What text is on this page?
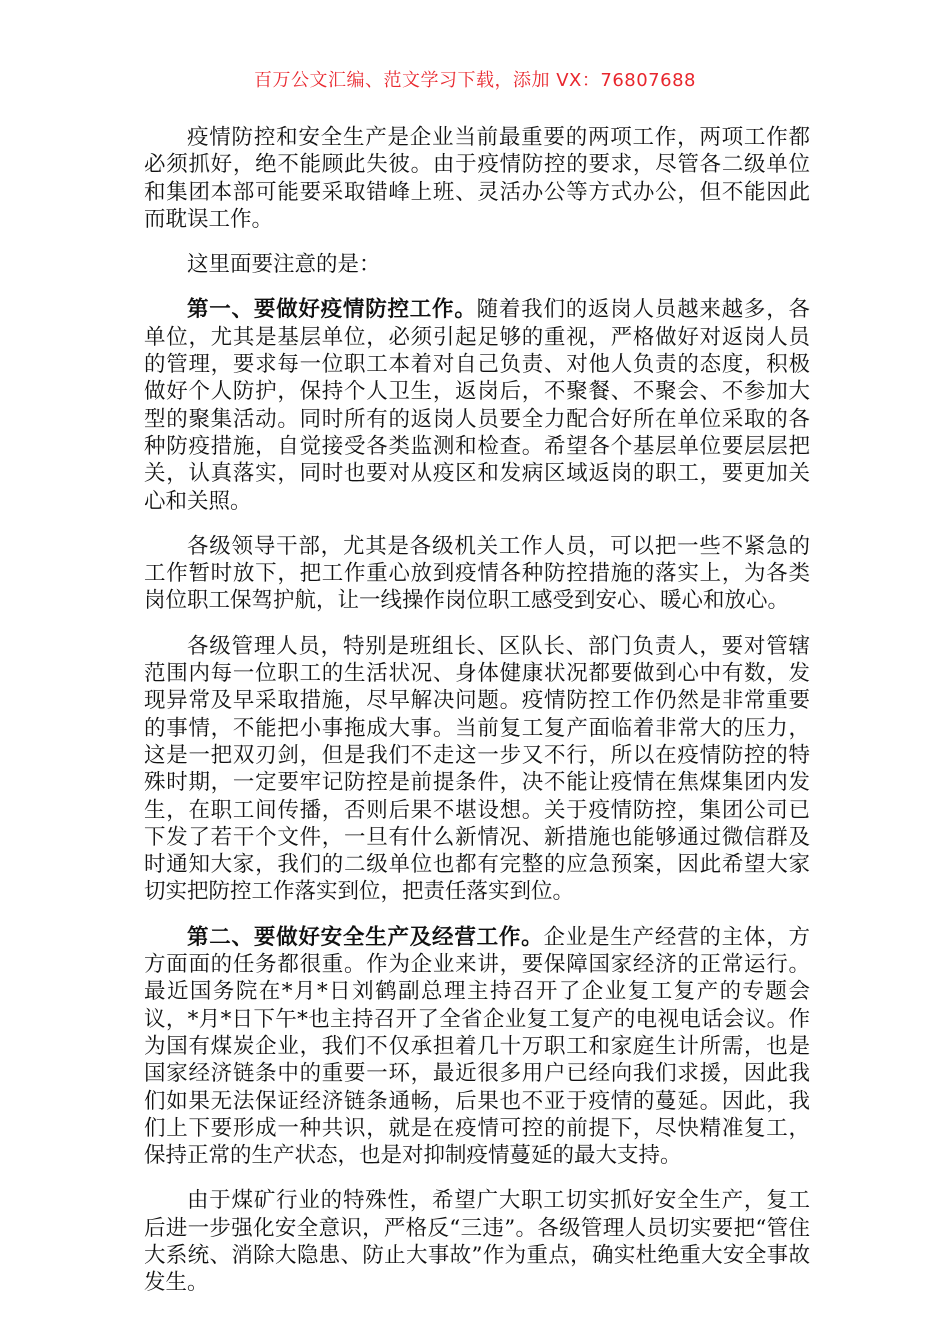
百万公文汇编、范文学习下载，添加 VX：76807688

疫情防控和安全生产是企业当前最重要的两项工作，两项工作都必须抓好，绝不能顾此失彼。由于疫情防控的要求，尽管各二级单位和集团本部可能要采取错峰上班、灵活办公等方式办公，但不能因此而耽误工作。

这里面要注意的是：

第一、要做好疫情防控工作。随着我们的返岗人员越来越多，各单位，尤其是基层单位，必须引起足够的重视，严格做好对返岗人员的管理，要求每一位职工本着对自己负责、对他人负责的态度，积极做好个人防护，保持个人卫生，返岗后，不聚餐、不聚会、不参加大型的聚集活动。同时所有的返岗人员要全力配合好所在单位采取的各种防疫措施，自觉接受各类监测和检查。希望各个基层单位要层层把关，认真落实，同时也要对从疫区和发病区域返岗的职工，要更加关心和关照。

各级领导干部，尤其是各级机关工作人员，可以把一些不紧急的工作暂时放下，把工作重心放到疫情各种防控措施的落实上，为各类岗位职工保驾护航，让一线操作岗位职工感受到安心、暖心和放心。

各级管理人员，特别是班组长、区队长、部门负责人，要对管辖范围内每一位职工的生活状况、身体健康状况都要做到心中有数，发现异常及早采取措施，尽早解决问题。疫情防控工作仍然是非常重要的事情，不能把小事拖成大事。当前复工复产面临着非常大的压力，这是一把双刃剑，但是我们不走这一步又不行，所以在疫情防控的特殊时期，一定要牢记防控是前提条件，决不能让疫情在焦煤集团内发生，在职工间传播，否则后果不堪设想。关于疫情防控，集团公司已下发了若干个文件，一旦有什么新情况、新措施也能够通过微信群及时通知大家，我们的二级单位也都有完整的应急预案，因此希望大家切实把防控工作落实到位，把责任落实到位。

第二、要做好安全生产及经营工作。企业是生产经营的主体，方方面面的任务都很重。作为企业来讲，要保障国家经济的正常运行。最近国务院在*月*日刘鹤副总理主持召开了企业复工复产的专题会议，*月*日下午*也主持召开了全省企业复工复产的电视电话会议。作为国有煤炭企业，我们不仅承担着几十万职工和家庭生计所需，也是国家经济链条中的重要一环，最近很多用户已经向我们求援，因此我们如果无法保证经济链条通畅，后果也不亚于疫情的蔓延。因此，我们上下要形成一种共识，就是在疫情可控的前提下，尽快精准复工，保持正常的生产状态，也是对抑制疫情蔓延的最大支持。

由于煤矿行业的特殊性，希望广大职工切实抓好安全生产，复工后进一步强化安全意识，严格反“三违”。各级管理人员切实要把“管住大系统、消除大隐患、防止大事故”作为重点，确实杜绝重大安全事故发生。
